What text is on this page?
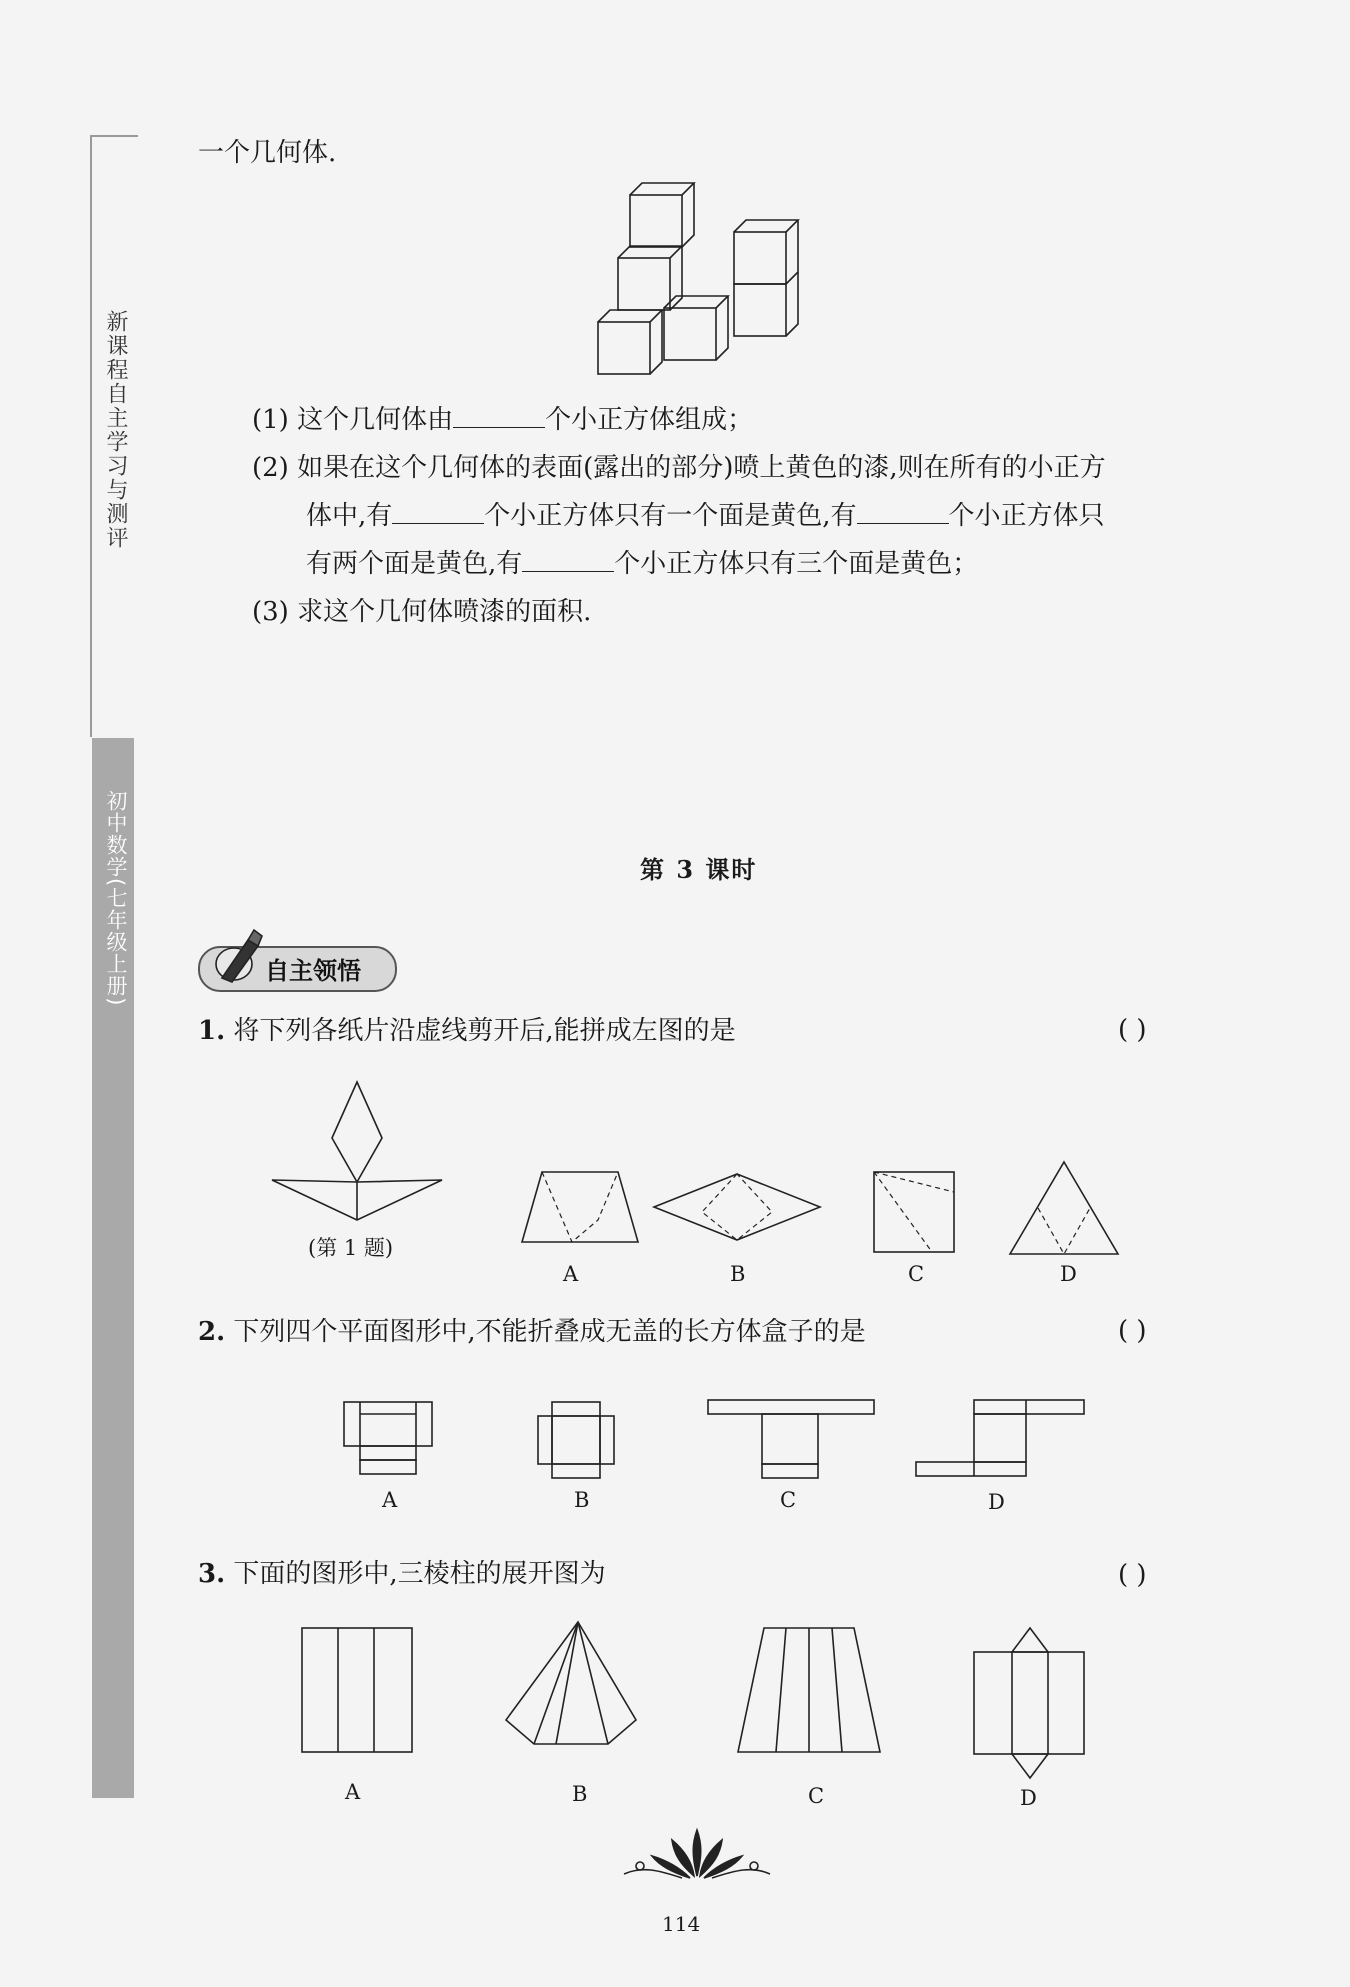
新课程自主学习与测评
初中数学(七年级上册)
一个几何体.
(1) 这个几何体由	个小正方体组成；
(2) 如果在这个几何体的表面(露出的部分)喷上黄色的漆,则在所有的小正方
体中,有	个小正方体只有一个面是黄色,有	个小正方体只
有两个面是黄色,有	个小正方体只有三个面是黄色；
(3) 求这个几何体喷漆的面积.
第 3 课时
自主领悟
1. 将下列各纸片沿虚线剪开后,能拼成左图的是	( )
(第 1 题)
A	B	C	D
2. 下列四个平面图形中,不能折叠成无盖的长方体盒子的是	( )
A	B	C	D
3. 下面的图形中,三棱柱的展开图为	( )
A	B	C	D
114
